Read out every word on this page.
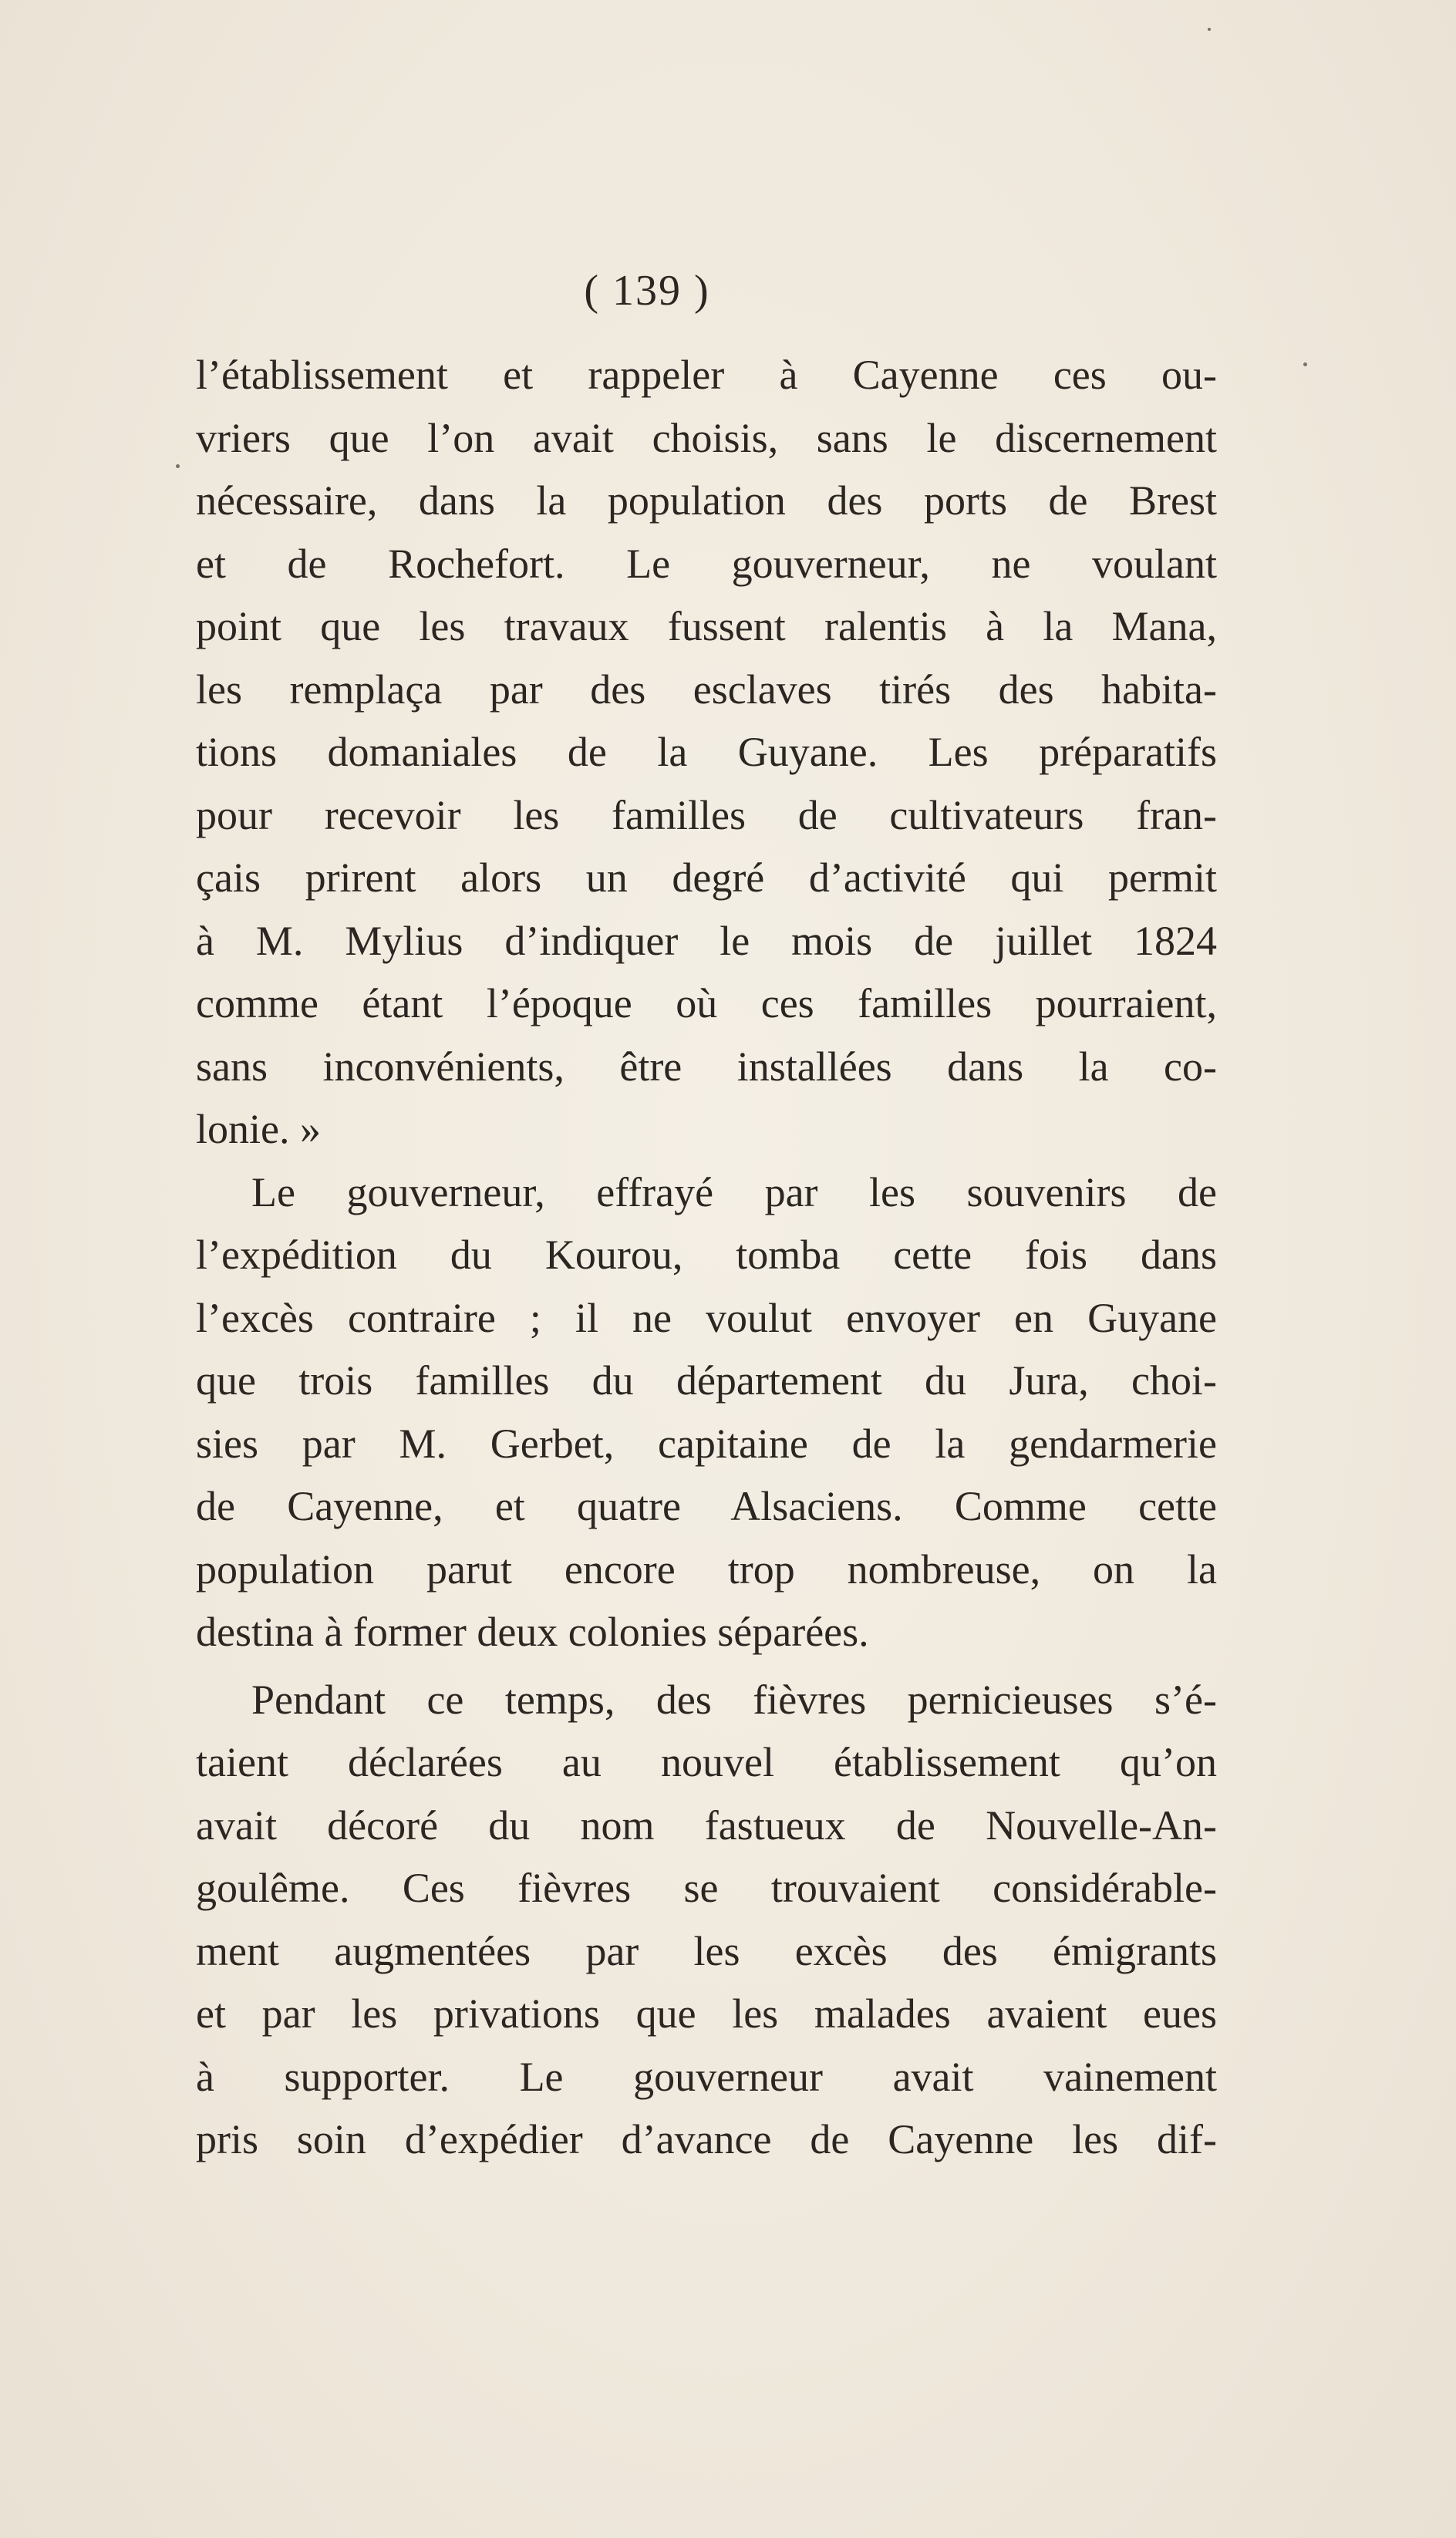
( 139 )
l’établissement et rappeler à Cayenne ces ou-
vriers que l’on avait choisis, sans le discernement
nécessaire, dans la population des ports de Brest
et de Rochefort. Le gouverneur, ne voulant
point que les travaux fussent ralentis à la Mana,
les remplaça par des esclaves tirés des habita-
tions domaniales de la Guyane. Les préparatifs
pour recevoir les familles de cultivateurs fran-
çais prirent alors un degré d’activité qui permit
à M. Mylius d’indiquer le mois de juillet 1824
comme étant l’époque où ces familles pourraient,
sans inconvénients, être installées dans la co-
lonie. »
Le gouverneur, effrayé par les souvenirs de
l’expédition du Kourou, tomba cette fois dans
l’excès contraire ; il ne voulut envoyer en Guyane
que trois familles du département du Jura, choi-
sies par M. Gerbet, capitaine de la gendarmerie
de Cayenne, et quatre Alsaciens. Comme cette
population parut encore trop nombreuse, on la
destina à former deux colonies séparées.
Pendant ce temps, des fièvres pernicieuses s’é-
taient déclarées au nouvel établissement qu’on
avait décoré du nom fastueux de Nouvelle-An-
goulême. Ces fièvres se trouvaient considérable-
ment augmentées par les excès des émigrants
et par les privations que les malades avaient eues
à supporter. Le gouverneur avait vainement
pris soin d’expédier d’avance de Cayenne les dif-
